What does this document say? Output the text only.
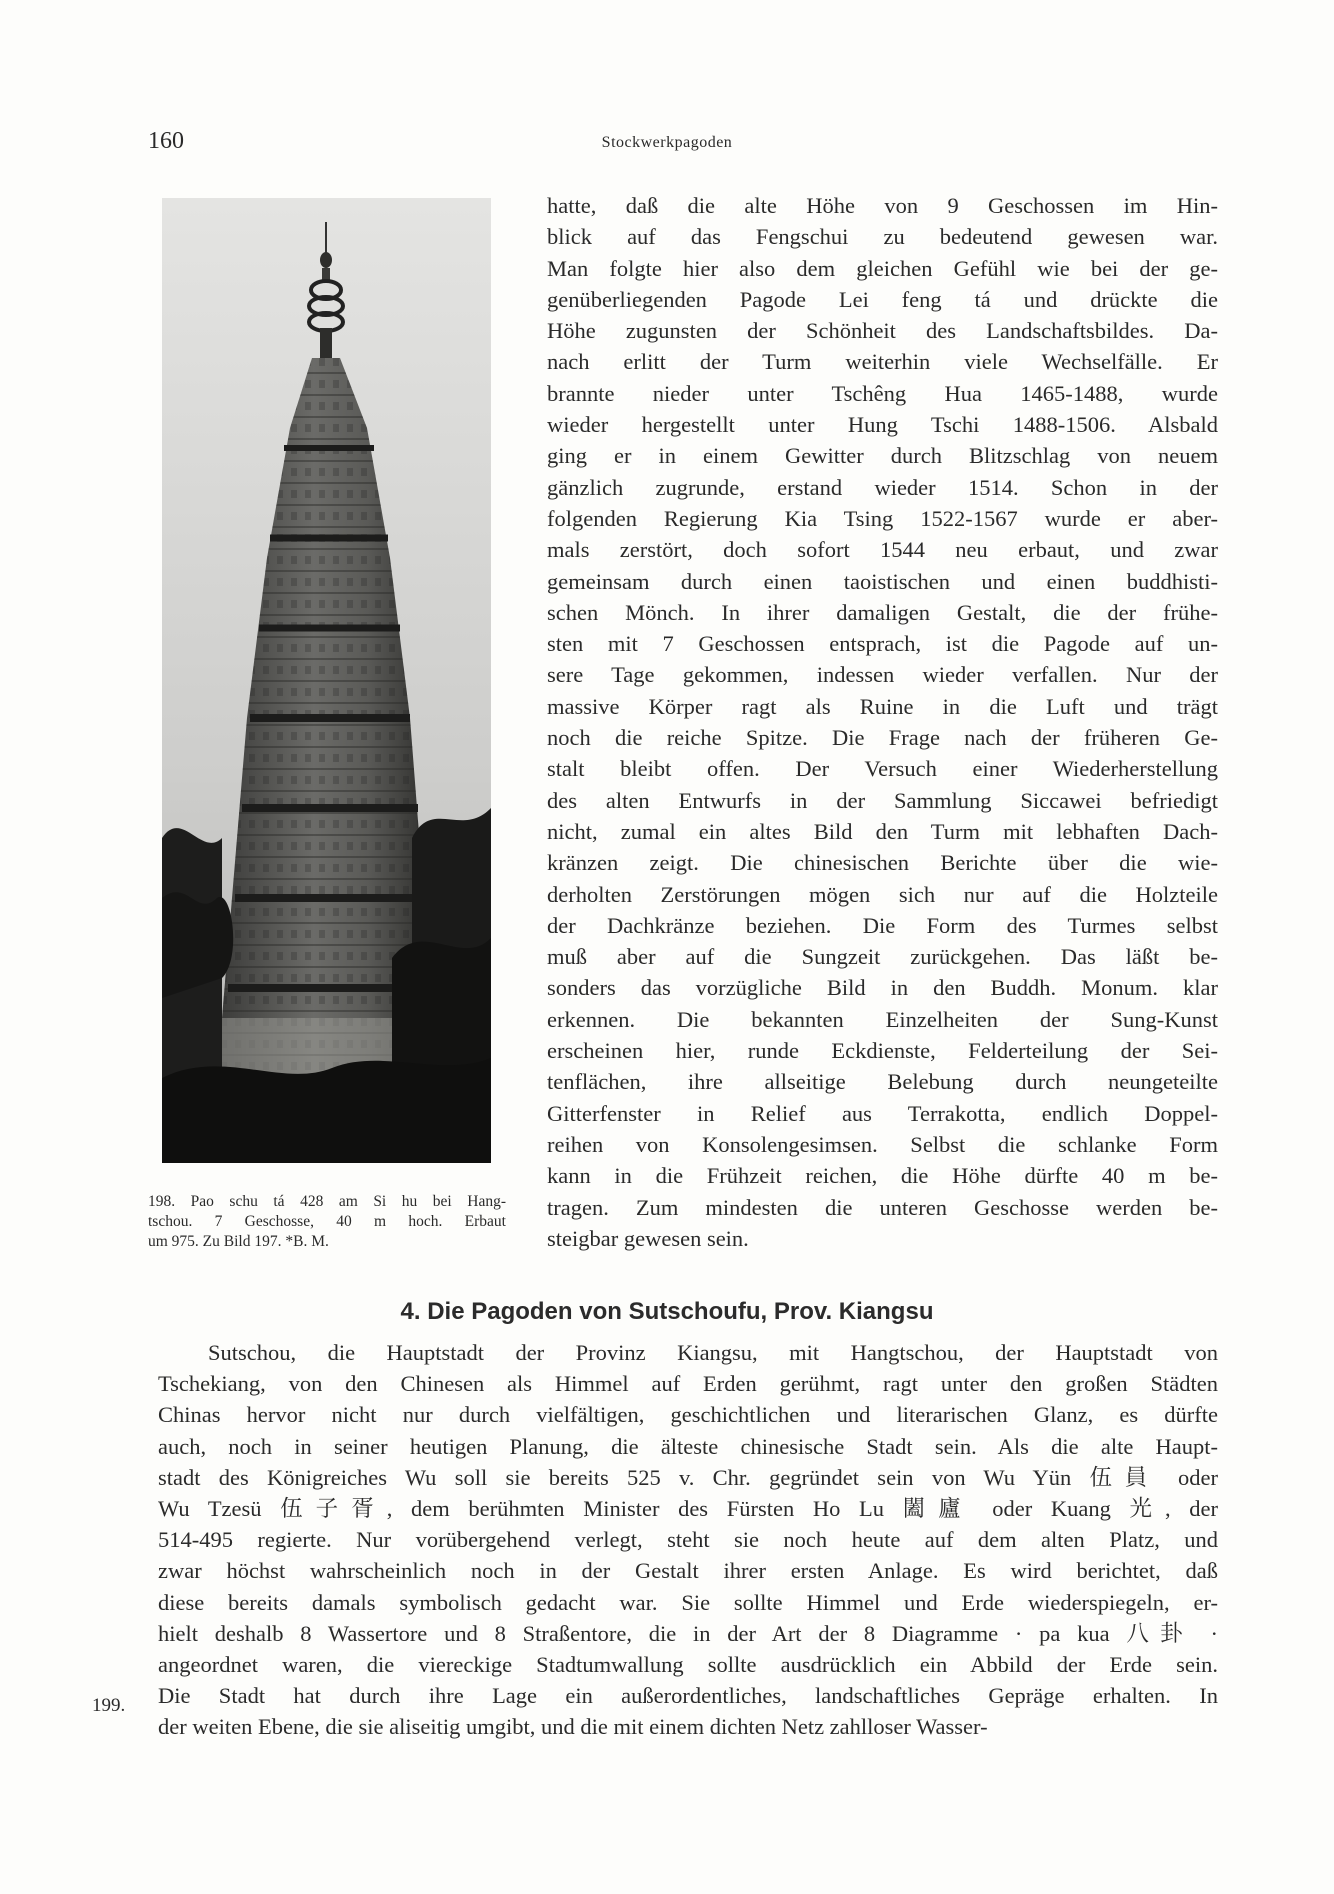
160	Stockwerkpagoden
198. Pao schu tá 428 am Si hu bei Hang-
tschou. 7 Geschosse, 40 m hoch. Erbaut
um 975. Zu Bild 197. *B. M.
hatte, daß die alte Höhe von 9 Geschossen im Hin-
blick auf das Fengschui zu bedeutend gewesen war.
Man folgte hier also dem gleichen Gefühl wie bei der ge-
genüberliegenden Pagode Lei feng tá und drückte die
Höhe zugunsten der Schönheit des Landschaftsbildes. Da-
nach erlitt der Turm weiterhin viele Wechselfälle. Er
brannte nieder unter Tschêng Hua 1465-1488, wurde
wieder hergestellt unter Hung Tschi 1488-1506. Alsbald
ging er in einem Gewitter durch Blitzschlag von neuem
gänzlich zugrunde, erstand wieder 1514. Schon in der
folgenden Regierung Kia Tsing 1522-1567 wurde er aber-
mals zerstört, doch sofort 1544 neu erbaut, und zwar
gemeinsam durch einen taoistischen und einen buddhisti-
schen Mönch. In ihrer damaligen Gestalt, die der frühe-
sten mit 7 Geschossen entsprach, ist die Pagode auf un-
sere Tage gekommen, indessen wieder verfallen. Nur der
massive Körper ragt als Ruine in die Luft und trägt
noch die reiche Spitze. Die Frage nach der früheren Ge-
stalt bleibt offen. Der Versuch einer Wiederherstellung
des alten Entwurfs in der Sammlung Siccawei befriedigt
nicht, zumal ein altes Bild den Turm mit lebhaften Dach-
kränzen zeigt. Die chinesischen Berichte über die wie-
derholten Zerstörungen mögen sich nur auf die Holzteile
der Dachkränze beziehen. Die Form des Turmes selbst
muß aber auf die Sungzeit zurückgehen. Das läßt be-
sonders das vorzügliche Bild in den Buddh. Monum. klar
erkennen. Die bekannten Einzelheiten der Sung-Kunst
erscheinen hier, runde Eckdienste, Felderteilung der Sei-
tenflächen, ihre allseitige Belebung durch neungeteilte
Gitterfenster in Relief aus Terrakotta, endlich Doppel-
reihen von Konsolengesimsen. Selbst die schlanke Form
kann in die Frühzeit reichen, die Höhe dürfte 40 m be-
tragen. Zum mindesten die unteren Geschosse werden be-
steigbar gewesen sein.
4. Die Pagoden von Sutschoufu, Prov. Kiangsu
199.
Sutschou, die Hauptstadt der Provinz Kiangsu, mit Hangtschou, der Hauptstadt von
Tschekiang, von den Chinesen als Himmel auf Erden gerühmt, ragt unter den großen Städten
Chinas hervor nicht nur durch vielfältigen, geschichtlichen und literarischen Glanz, es dürfte
auch, noch in seiner heutigen Planung, die älteste chinesische Stadt sein. Als die alte Haupt-
stadt des Königreiches Wu soll sie bereits 525 v. Chr. gegründet sein von Wu Yün 伍員 oder
Wu Tzesü 伍子胥, dem berühmten Minister des Fürsten Ho Lu 闔廬 oder Kuang 光, der
514-495 regierte. Nur vorübergehend verlegt, steht sie noch heute auf dem alten Platz, und
zwar höchst wahrscheinlich noch in der Gestalt ihrer ersten Anlage. Es wird berichtet, daß
diese bereits damals symbolisch gedacht war. Sie sollte Himmel und Erde wiederspiegeln, er-
hielt deshalb 8 Wassertore und 8 Straßentore, die in der Art der 8 Diagramme · pa kua 八卦 ·
angeordnet waren, die viereckige Stadtumwallung sollte ausdrücklich ein Abbild der Erde sein.
Die Stadt hat durch ihre Lage ein außerordentliches, landschaftliches Gepräge erhalten. In
der weiten Ebene, die sie aliseitig umgibt, und die mit einem dichten Netz zahlloser Wasser-
